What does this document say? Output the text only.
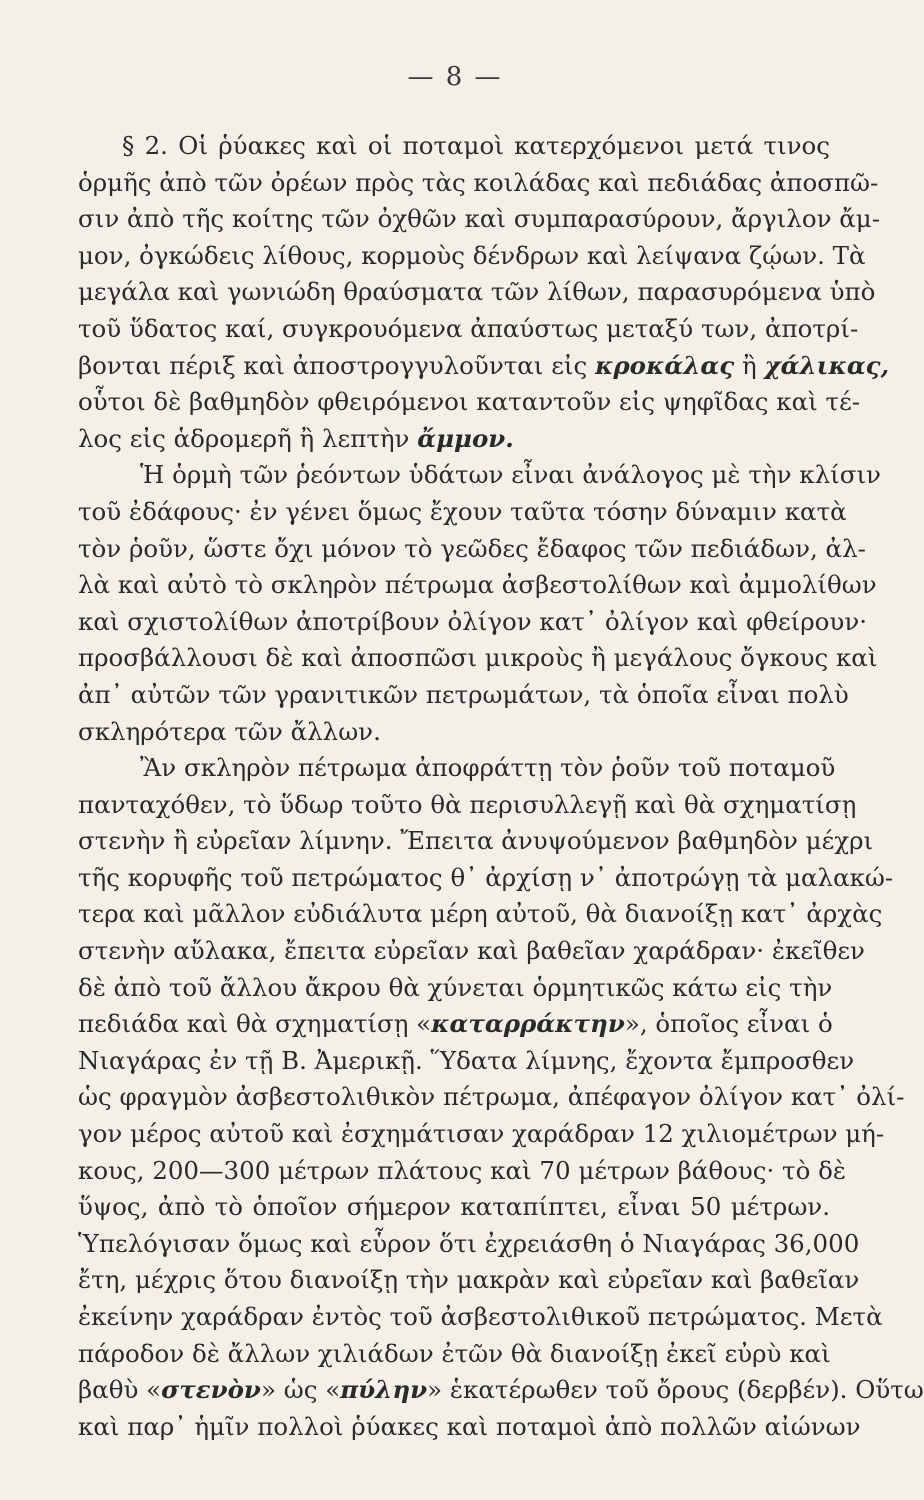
— 8 —
§ 2. Οἱ ῥύακες καὶ οἱ ποταμοὶ κατερχόμενοι μετά τινος
ὁρμῆς ἀπὸ τῶν ὀρέων πρὸς τὰς κοιλάδας καὶ πεδιάδας ἀποσπῶ-
σιν ἀπὸ τῆς κοίτης τῶν ὀχθῶν καὶ συμπαρασύρουν, ἄργιλον ἄμ-
μον, ὀγκώδεις λίθους, κορμοὺς δένδρων καὶ λείψανα ζῴων. Τὰ
μεγάλα καὶ γωνιώδη θραύσματα τῶν λίθων, παρασυρόμενα ὑπὸ
τοῦ ὕδατος καί, συγκρουόμενα ἀπαύστως μεταξύ των, ἀποτρί-
βονται πέριξ καὶ ἀποστρογγυλοῦνται εἰς κροκάλας ἢ χάλικας,
οὗτοι δὲ βαθμηδὸν φθειρόμενοι καταντοῦν εἰς ψηφῖδας καὶ τέ-
λος εἰς ἁδρομερῆ ἢ λεπτὴν ἄμμον.
Ἡ ὁρμὴ τῶν ῥεόντων ὑδάτων εἶναι ἀνάλογος μὲ τὴν κλίσιν
τοῦ ἐδάφους· ἐν γένει ὅμως ἔχουν ταῦτα τόσην δύναμιν κατὰ
τὸν ῥοῦν, ὥστε ὄχι μόνον τὸ γεῶδες ἔδαφος τῶν πεδιάδων, ἀλ-
λὰ καὶ αὐτὸ τὸ σκληρὸν πέτρωμα ἀσβεστολίθων καὶ ἀμμολίθων
καὶ σχιστολίθων ἀποτρίβουν ὀλίγον κατ᾽ ὀλίγον καὶ φθείρουν·
προσβάλλουσι δὲ καὶ ἀποσπῶσι μικροὺς ἢ μεγάλους ὄγκους καὶ
ἀπ᾽ αὐτῶν τῶν γρανιτικῶν πετρωμάτων, τὰ ὁποῖα εἶναι πολὺ
σκληρότερα τῶν ἄλλων.
Ἂν σκληρὸν πέτρωμα ἀποφράττῃ τὸν ῥοῦν τοῦ ποταμοῦ
πανταχόθεν, τὸ ὕδωρ τοῦτο θὰ περισυλλεγῇ καὶ θὰ σχηματίσῃ
στενὴν ἢ εὐρεῖαν λίμνην. Ἔπειτα ἀνυψούμενον βαθμηδὸν μέχρι
τῆς κορυφῆς τοῦ πετρώματος θ᾽ ἀρχίσῃ ν᾽ ἀποτρώγῃ τὰ μαλακώ-
τερα καὶ μᾶλλον εὐδιάλυτα μέρη αὐτοῦ, θὰ διανοίξῃ κατ᾽ ἀρχὰς
στενὴν αὔλακα, ἔπειτα εὐρεῖαν καὶ βαθεῖαν χαράδραν· ἐκεῖθεν
δὲ ἀπὸ τοῦ ἄλλου ἄκρου θὰ χύνεται ὁρμητικῶς κάτω εἰς τὴν
πεδιάδα καὶ θὰ σχηματίσῃ «καταρράκτην», ὁποῖος εἶναι ὁ
Νιαγάρας ἐν τῇ Β. Ἀμερικῇ. Ὕδατα λίμνης, ἔχοντα ἔμπροσθεν
ὡς φραγμὸν ἀσβεστολιθικὸν πέτρωμα, ἀπέφαγον ὀλίγον κατ᾽ ὀλί-
γον μέρος αὐτοῦ καὶ ἐσχημάτισαν χαράδραν 12 χιλιομέτρων μή-
κους, 200—300 μέτρων πλάτους καὶ 70 μέτρων βάθους· τὸ δὲ
ὕψος, ἀπὸ τὸ ὁποῖον σήμερον καταπίπτει, εἶναι 50 μέτρων.
Ὑπελόγισαν ὅμως καὶ εὗρον ὅτι ἐχρειάσθη ὁ Νιαγάρας 36,000
ἔτη, μέχρις ὅτου διανοίξῃ τὴν μακρὰν καὶ εὐρεῖαν καὶ βαθεῖαν
ἐκείνην χαράδραν ἐντὸς τοῦ ἀσβεστολιθικοῦ πετρώματος. Μετὰ
πάροδον δὲ ἄλλων χιλιάδων ἐτῶν θὰ διανοίξῃ ἐκεῖ εὐρὺ καὶ
βαθὺ «στενὸν» ὡς «πύλην» ἑκατέρωθεν τοῦ ὄρους (δερβέν). Οὕτω
καὶ παρ᾽ ἡμῖν πολλοὶ ῥύακες καὶ ποταμοὶ ἀπὸ πολλῶν αἰώνων
